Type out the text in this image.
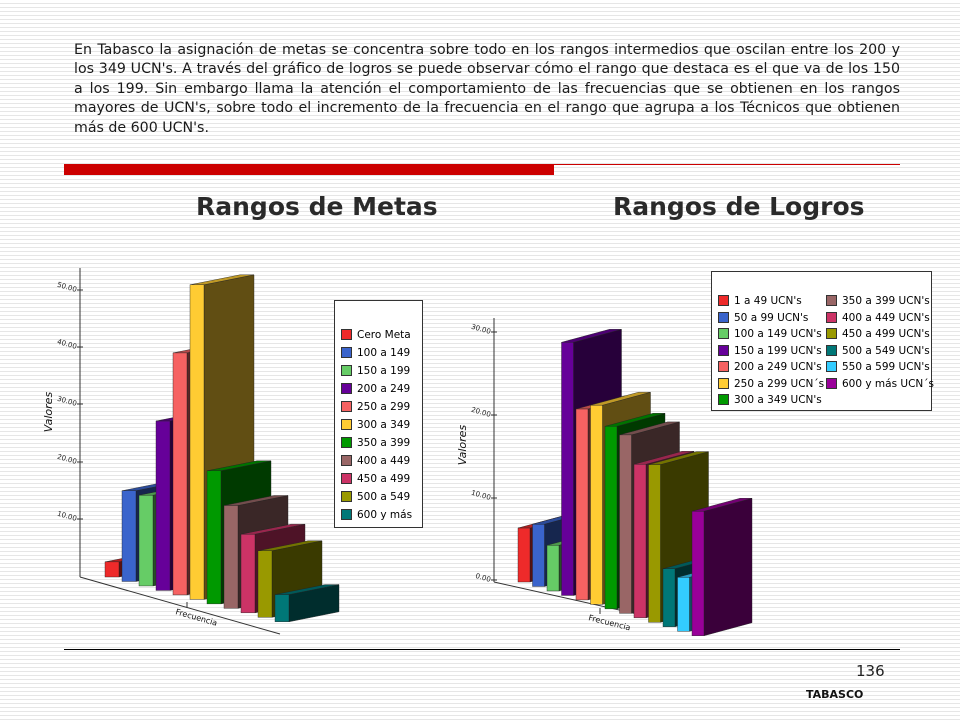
En Tabasco la asignación de metas se concentra sobre todo en los rangos intermedios que oscilan entre los 200 y los 349 UCN's. A través del gráfico de logros se puede observar cómo el rango que destaca es el que va de los 150 a los 199. Sin embargo llama la atención el comportamiento de las frecuencias que se obtienen en los rangos mayores de UCN's, sobre todo el incremento de la frecuencia en el rango que agrupa a los Técnicos que obtienen más de 600 UCN's.
Rangos de Metas	Rangos de Logros
10.00
20.00
30.00
40.00
50.00
Valores
Frecuencia
0.00
10.00
20.00
30.00
Valores
Frecuencia
Cero Meta
100 a 149
150 a 199
200 a 249
250 a 299
300 a 349
350 a 399
400 a 449
450 a 499
500 a 549
600 y más
1 a 49 UCN's
50 a 99 UCN's
100 a 149 UCN's
150 a 199 UCN's
200 a 249 UCN's
250 a 299 UCN´s
300 a 349 UCN's
350 a 399 UCN's
400 a 449 UCN's
450 a 499 UCN's
500 a 549 UCN's
550 a 599 UCN's
600 y más UCN´s
136
TABASCO
